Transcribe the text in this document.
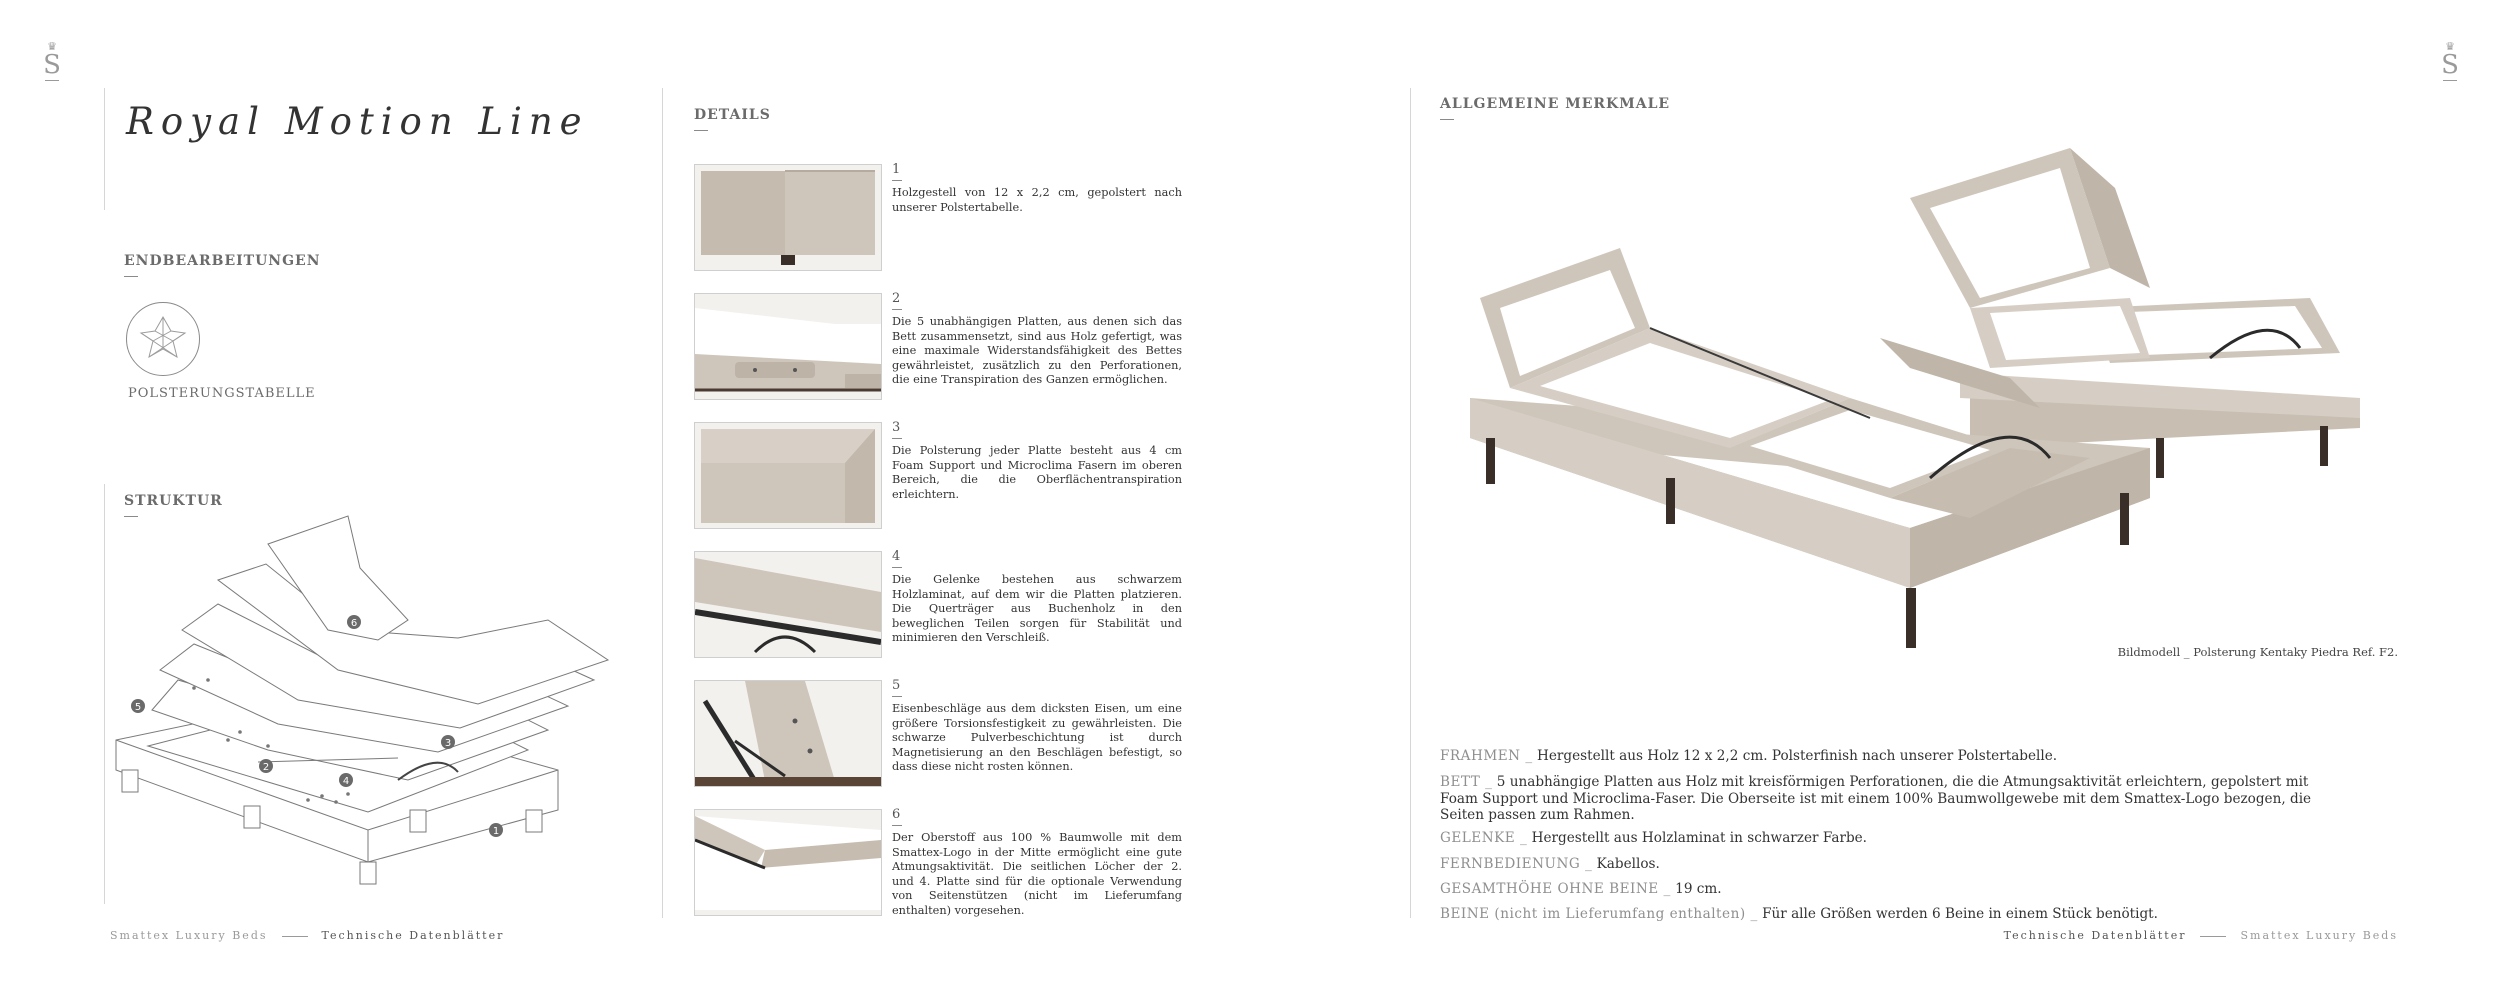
♛
S
♛
S
Royal Motion Line
ENDBEARBEITUNGEN
POLSTERUNGSTABELLE
STRUKTUR
1
2
3
4
5
6
DETAILS
1
Holzgestell von 12 x 2,2 cm, gepolstert nach unserer Polstertabelle.
2
Die 5 unabhängigen Platten, aus denen sich das Bett zusammensetzt, sind aus Holz gefertigt, was eine maximale Widerstandsfähigkeit des Bettes gewährleistet, zusätzlich zu den Perforationen, die eine Transpiration des Ganzen ermöglichen.
3
Die Polsterung jeder Platte besteht aus 4 cm Foam Support und Microclima Fasern im oberen Bereich, die die Oberflächentranspiration erleichtern.
4
Die Gelenke bestehen aus schwarzem Holzlaminat, auf dem wir die Platten platzieren. Die Querträger aus Buchenholz in den beweglichen Teilen sorgen für Stabilität und minimieren den Verschleiß.
5
Eisenbeschläge aus dem dicksten Eisen, um eine größere Torsionsfestigkeit zu gewährleisten. Die schwarze Pulverbeschichtung ist durch Magnetisierung an den Beschlägen befestigt, so dass diese nicht rosten können.
6
Der Oberstoff aus 100 % Baumwolle mit dem Smattex-Logo in der Mitte ermöglicht eine gute Atmungsaktivität. Die seitlichen Löcher der 2. und 4. Platte sind für die optionale Verwendung von Seitenstützen (nicht im Lieferumfang enthalten) vorgesehen.
ALLGEMEINE MERKMALE
Bildmodell _ Polsterung Kentaky Piedra Ref. F2.
FRAHMEN _ Hergestellt aus Holz 12 x 2,2 cm. Polsterfinish nach unserer Polstertabelle.
BETT _ 5 unabhängige Platten aus Holz mit kreisförmigen Perforationen, die die Atmungsaktivität erleichtern, gepolstert mit Foam Support und Microclima-Faser. Die Oberseite ist mit einem 100% Baumwollgewebe mit dem Smattex-Logo bezogen, die Seiten passen zum Rahmen.
GELENKE _ Hergestellt aus Holzlaminat in schwarzer Farbe.
FERNBEDIENUNG _ Kabellos.
GESAMTHÖHE OHNE BEINE _ 19 cm.
BEINE (nicht im Lieferumfang enthalten) _ Für alle Größen werden 6 Beine in einem Stück benötigt.
Smattex Luxury Beds	Technische Datenblätter	Technische Datenblätter	Smattex Luxury Beds
